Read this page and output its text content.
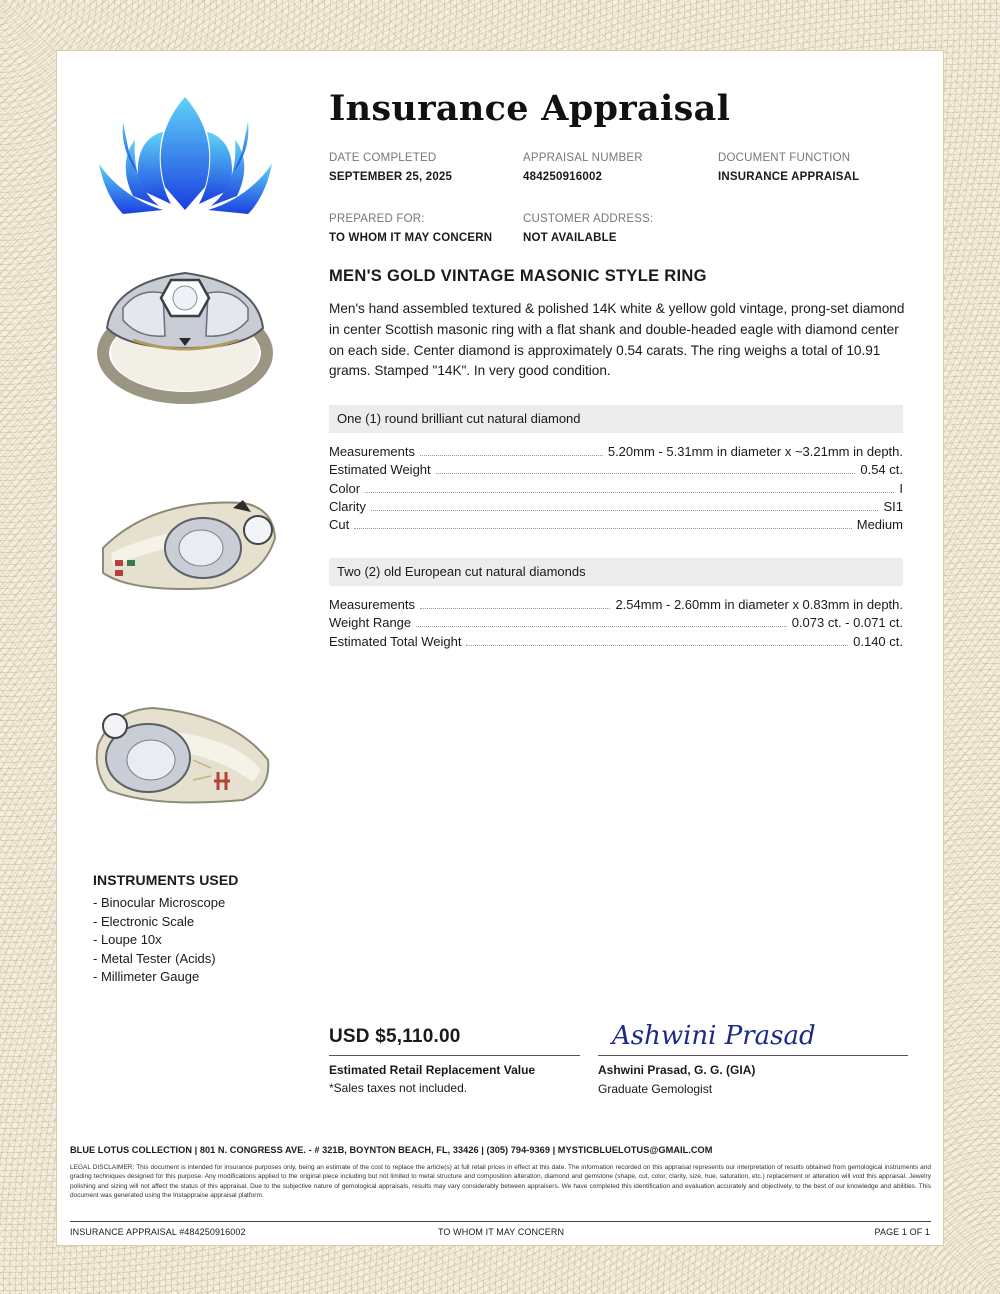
Insurance Appraisal
DATE COMPLETED
SEPTEMBER 25, 2025
APPRAISAL NUMBER
484250916002
DOCUMENT FUNCTION
INSURANCE APPRAISAL
PREPARED FOR:
TO WHOM IT MAY CONCERN
CUSTOMER ADDRESS:
NOT AVAILABLE
MEN'S GOLD VINTAGE MASONIC STYLE RING
Men's hand assembled textured & polished 14K white & yellow gold vintage, prong-set diamond in center Scottish masonic ring with a flat shank and double-headed eagle with diamond center on each side. Center diamond is approximately 0.54 carats. The ring weighs a total of 10.91 grams. Stamped "14K". In very good condition.
One (1) round brilliant cut natural diamond
Measurements	5.20mm - 5.31mm in diameter x ~3.21mm in depth.
Estimated Weight	0.54 ct.
Color	I
Clarity	SI1
Cut	Medium
Two (2) old European cut natural diamonds
Measurements	2.54mm - 2.60mm in diameter x 0.83mm in depth.
Weight Range	0.073 ct. - 0.071 ct.
Estimated Total Weight	0.140 ct.
INSTRUMENTS USED
- Binocular Microscope
- Electronic Scale
- Loupe 10x
- Metal Tester (Acids)
- Millimeter Gauge
USD $5,110.00
Estimated Retail Replacement Value
*Sales taxes not included.
Ashwini Prasad
Ashwini Prasad, G. G. (GIA)
Graduate Gemologist
BLUE LOTUS COLLECTION | 801 N. CONGRESS AVE. - # 321B, BOYNTON BEACH, FL, 33426 | (305) 794-9369 | MYSTICBLUELOTUS@GMAIL.COM
LEGAL DISCLAIMER: This document is intended for insurance purposes only, being an estimate of the cost to replace the article(s) at full retail prices in effect at this date. The information recorded on this appraisal represents our interpretation of results obtained from gemological instruments and grading techniques designed for this purpose. Any modifications applied to the original piece including but not limited to metal structure and composition alteration, diamond and gemstone (shape, cut, color, clarity, size, hue, saturation, etc.) replacement or alteration will void this appraisal. Jewelry polishing and sizing will not affect the status of this appraisal. Due to the subjective nature of gemological appraisals, results may vary considerably between appraisers. We have completed this identification and evaluation accurately and objectively, to the best of our knowledge and abilities. This document was generated using the Instappraise appraisal platform.
INSURANCE APPRAISAL #484250916002	TO WHOM IT MAY CONCERN	PAGE 1 OF 1
